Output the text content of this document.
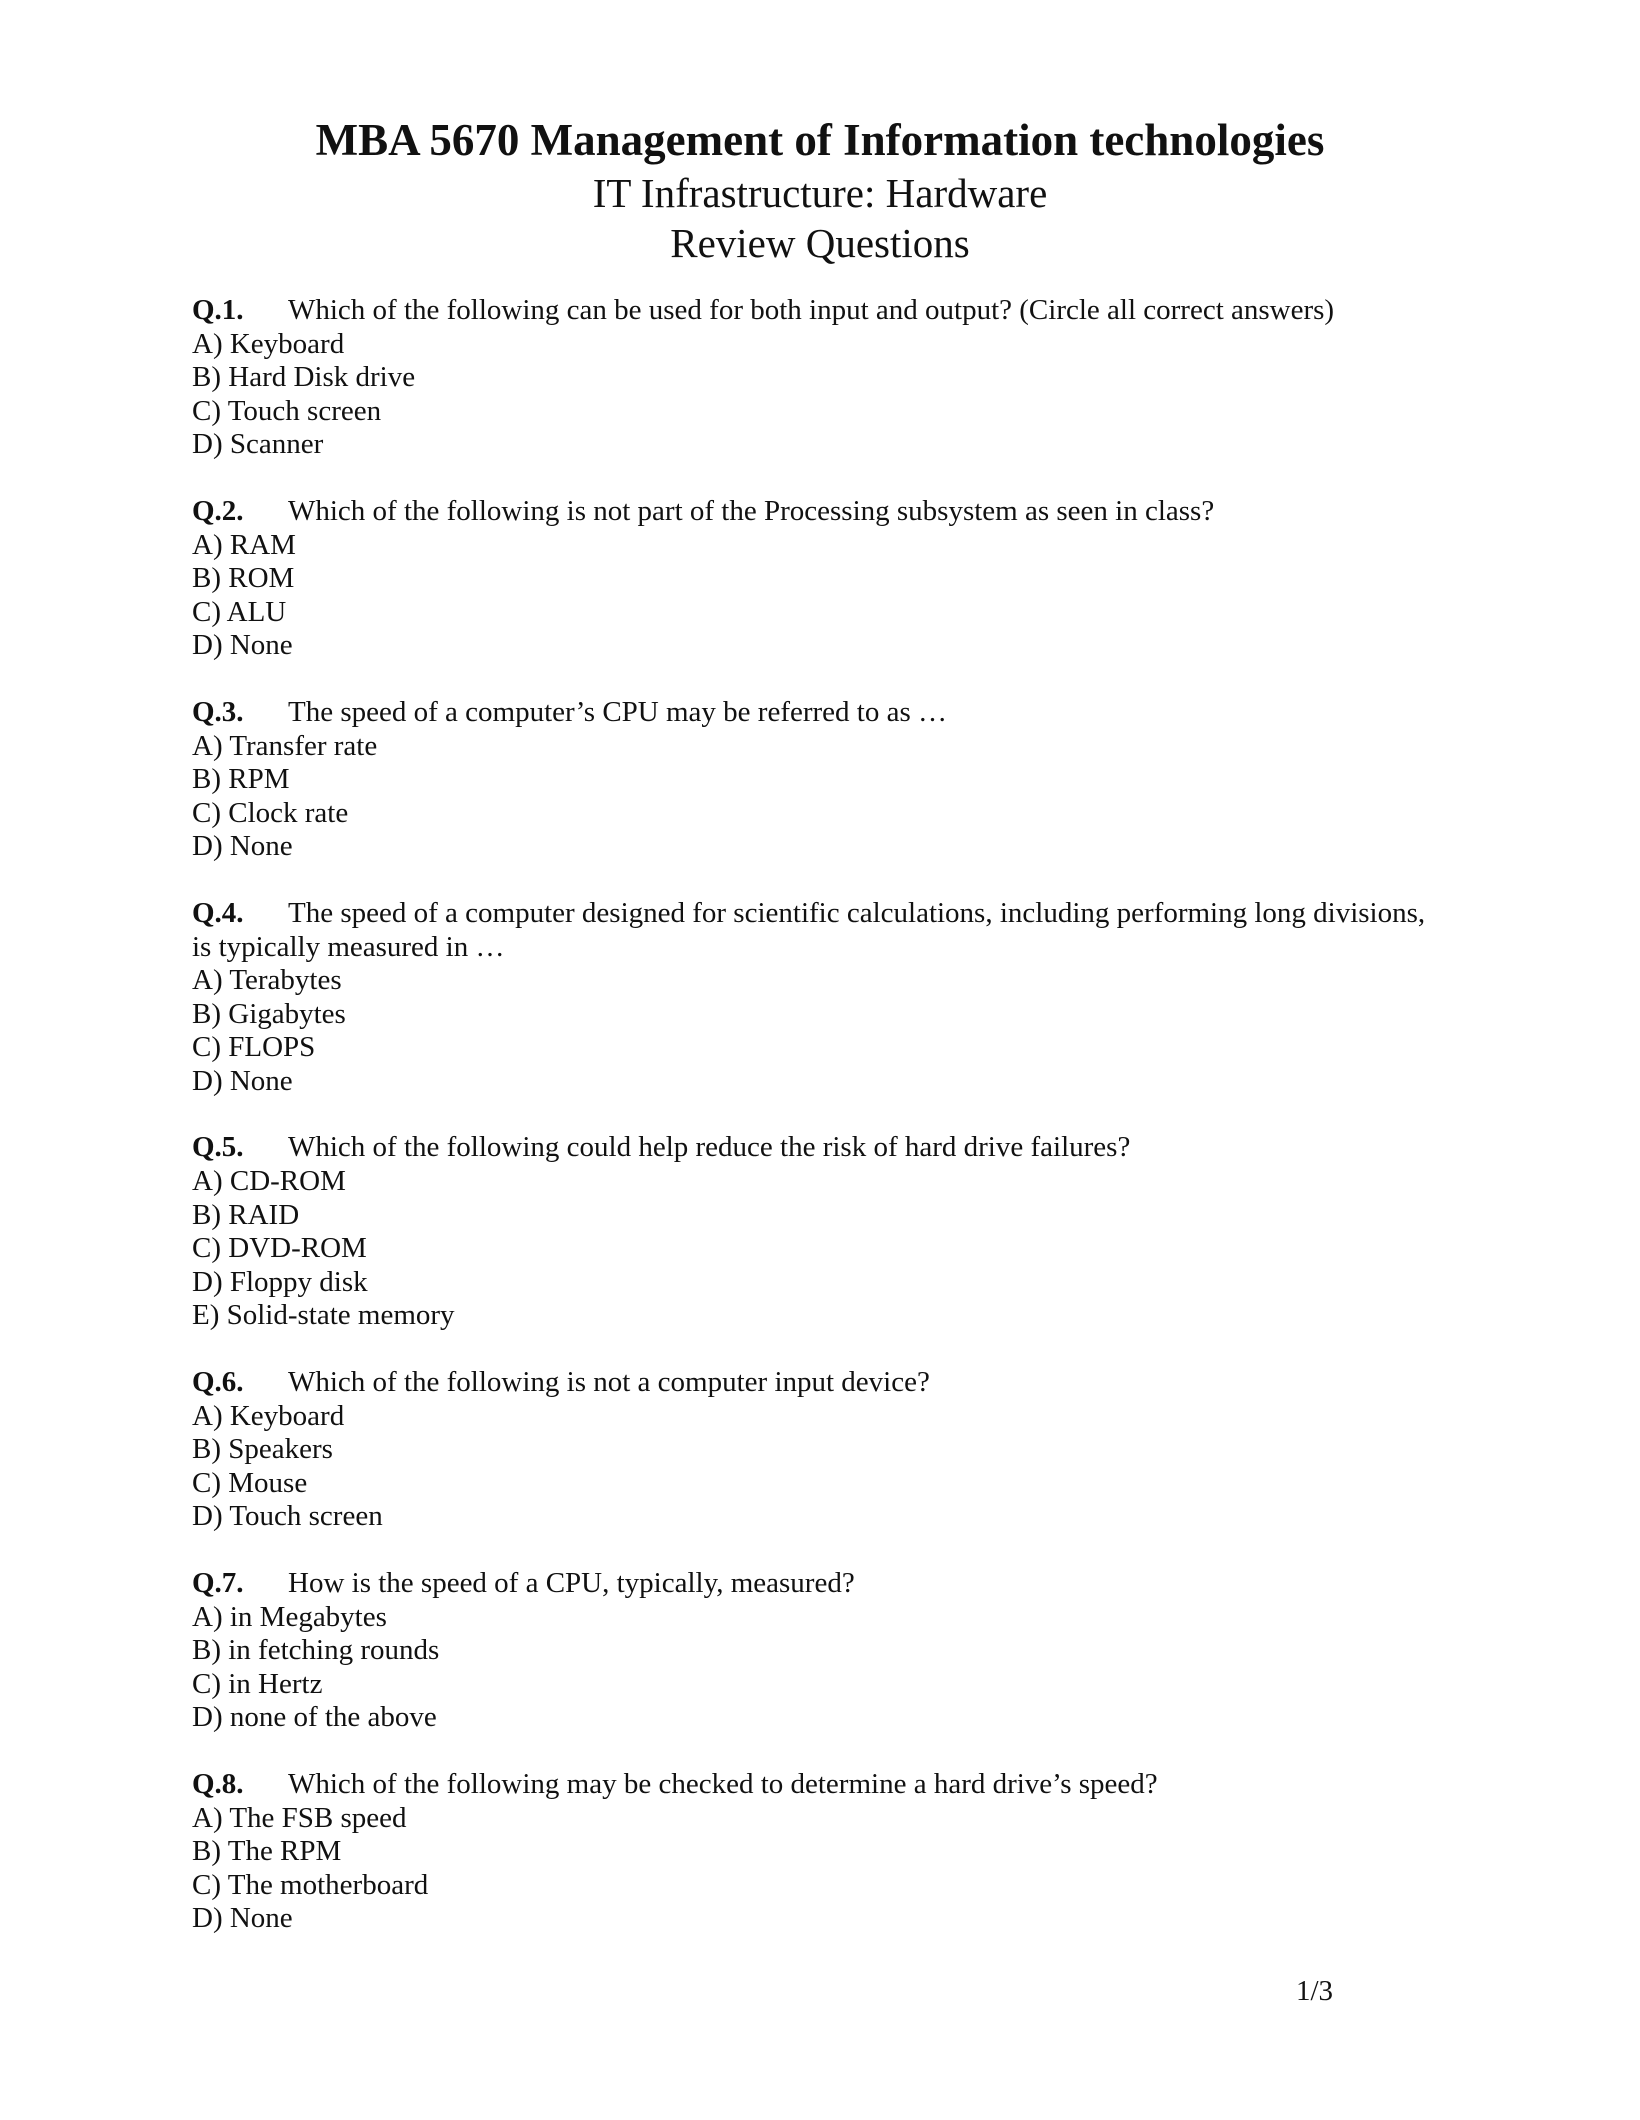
MBA 5670 Management of Information technologies

IT Infrastructure: Hardware

Review Questions

Q.1. Which of the following can be used for both input and output? (Circle all correct answers)

A) Keyboard

B) Hard Disk drive

C) Touch screen

D) Scanner

Q.2. Which of the following is not part of the Processing subsystem as seen in class?

A) RAM

B) ROM

C) ALU

D) None

Q.3. The speed of a computer’s CPU may be referred to as …

A) Transfer rate

B) RPM

C) Clock rate

D) None

Q.4. The speed of a computer designed for scientific calculations, including performing long divisions,

is typically measured in …

A) Terabytes

B) Gigabytes

C) FLOPS

D) None

Q.5. Which of the following could help reduce the risk of hard drive failures?

A) CD-ROM

B) RAID

C) DVD-ROM

D) Floppy disk

E) Solid-state memory

Q.6. Which of the following is not a computer input device?

A) Keyboard

B) Speakers

C) Mouse

D) Touch screen

Q.7. How is the speed of a CPU, typically, measured?

A) in Megabytes

B) in fetching rounds

C) in Hertz

D) none of the above

Q.8. Which of the following may be checked to determine a hard drive’s speed?

A) The FSB speed

B) The RPM

C) The motherboard

D) None

1/3
